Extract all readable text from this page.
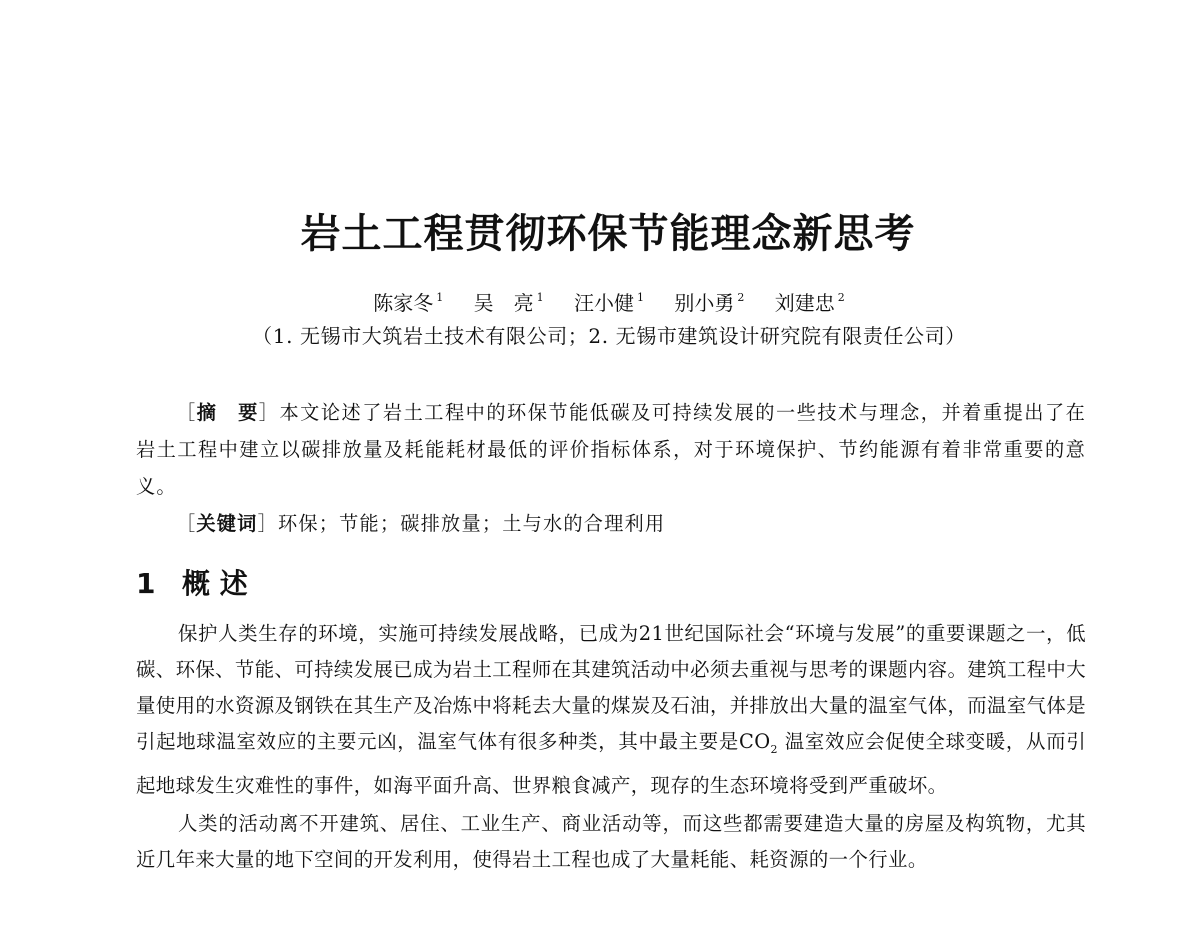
岩土工程贯彻环保节能理念新思考
陈家冬 $^1$ 吴　亮 $^1$ 汪小健 $^1$ 别小勇 $^2$ 刘建忠 $^2$
（1. 无锡市大筑岩土技术有限公司；2. 无锡市建筑设计研究院有限责任公司）

［摘　要］本文论述了岩土工程中的环保节能低碳及可持续发展的一些技术与理念，并着重提出了在岩土工程中建立以碳排放量及耗能耗材最低的评价指标体系，对于环境保护、节约能源有着非常重要的意义。

［关键词］环保；节能；碳排放量；土与水的合理利用

1 概 述

保护人类生存的环境，实施可持续发展战略，已成为21世纪国际社会“环境与发展”的重要课题之一，低碳、环保、节能、可持续发展已成为岩土工程师在其建筑活动中必须去重视与思考的课题内容。建筑工程中大量使用的水资源及钢铁在其生产及冶炼中将耗去大量的煤炭及石油，并排放出大量的温室气体，而温室气体是引起地球温室效应的主要元凶，温室气体有很多种类，其中最主要是$CO_2$ 温室效应会促使全球变暖，从而引起地球发生灾难性的事件，如海平面升高、世界粮食减产，现存的生态环境将受到严重破坏。

人类的活动离不开建筑、居住、工业生产、商业活动等，而这些都需要建造大量的房屋及构筑物，尤其近几年来大量的地下空间的开发利用，使得岩土工程也成了大量耗能、耗资源的一个行业。
